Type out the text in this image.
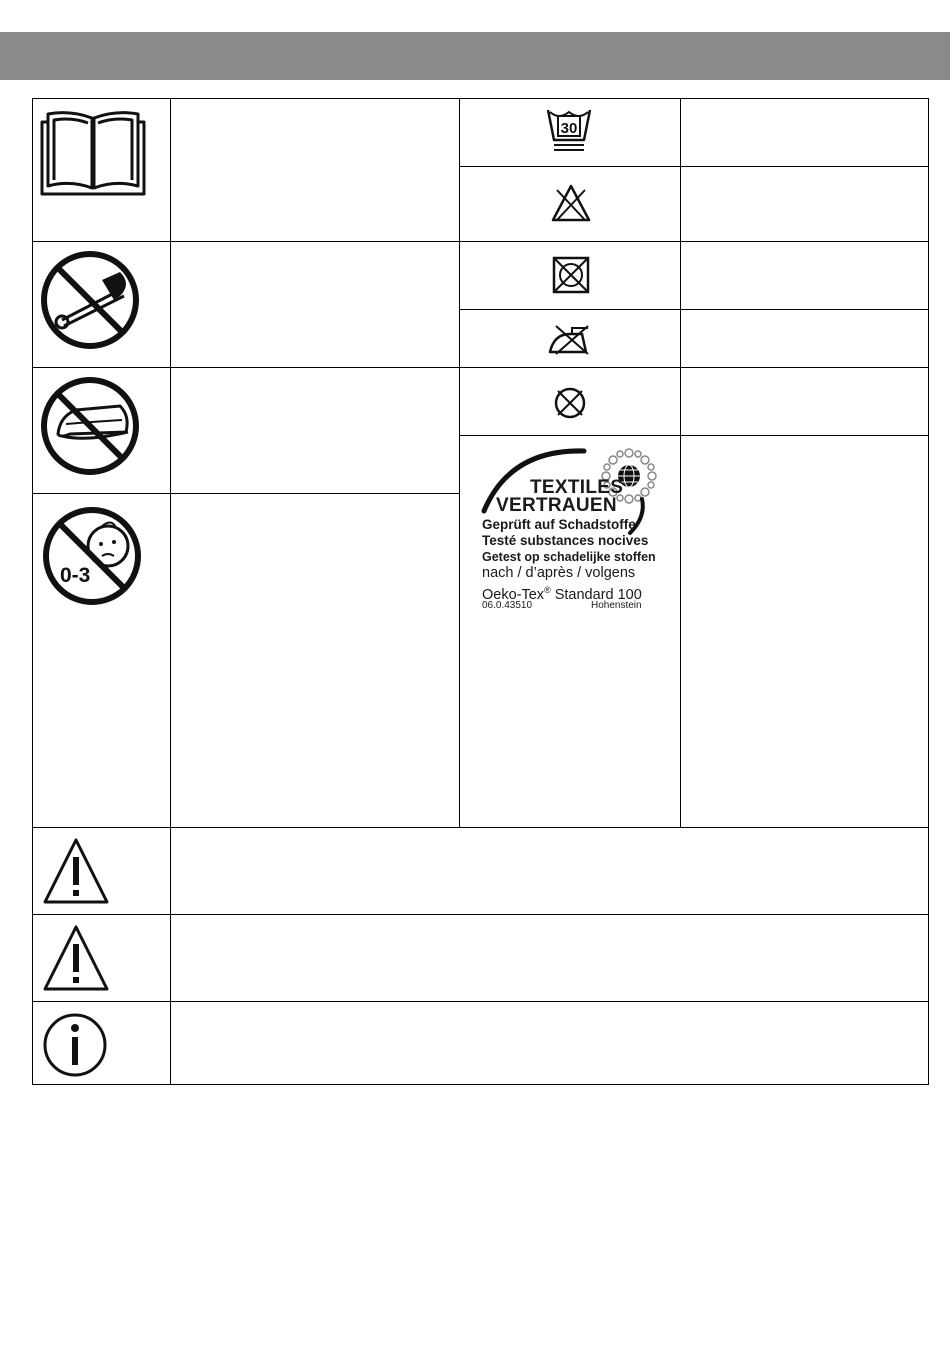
0-3
30
TEXTILES
VERTRAUEN
Geprüft auf Schadstoffe
Testé substances nocives
Getest op schadelijke stoffen
nach / d’après / volgens
Oeko-Tex® Standard 100
06.0.43510	Hohenstein
